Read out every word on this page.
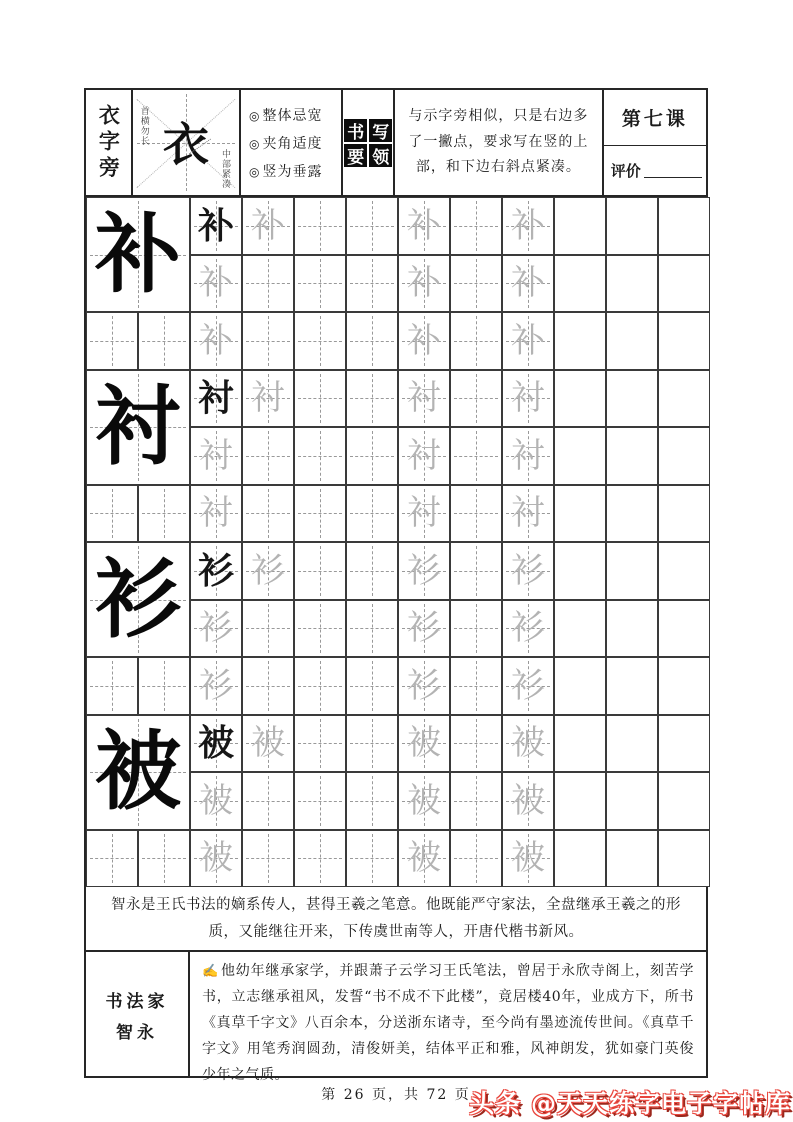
衣字旁 衣
首横勿长
中部紧凑
◎ 整体忌宽
◎ 夹角适度
◎ 竖为垂露
书 写
要 领

与示字旁相似，只是右边多了一撇点，要求写在竖的上部，和下边右斜点紧凑。

第七课
评价
补 补 补	补 补
补	补 补
补	补 补
衬 衬 衬	衬 衬
衬	衬 衬
衬	衬 衬
衫 衫 衫	衫 衫
衫	衫 衫
衫	衫 衫
被 被 被	被 被
被	被 被
被	被 被

智永是王氏书法的嫡系传人，甚得王羲之笔意。他既能严守家法，全盘继承王羲之的形质，又能继往开来，下传虞世南等人，开唐代楷书新风。

书法家
智永

✍ 他幼年继承家学，并跟萧子云学习王氏笔法，曾居于永欣寺阁上，刻苦学书，立志继承祖风，发誓“书不成不下此楼”，竟居楼40年，业成方下，所书《真草千字文》八百余本，分送浙东诸寺，至今尚有墨迹流传世间。《真草千字文》用笔秀润圆劲，清俊妍美，结体平正和雅，风神朗发，犹如豪门英俊少年之气质。

第 26 页，共 72 页
头条 @天天练字电子字帖库
